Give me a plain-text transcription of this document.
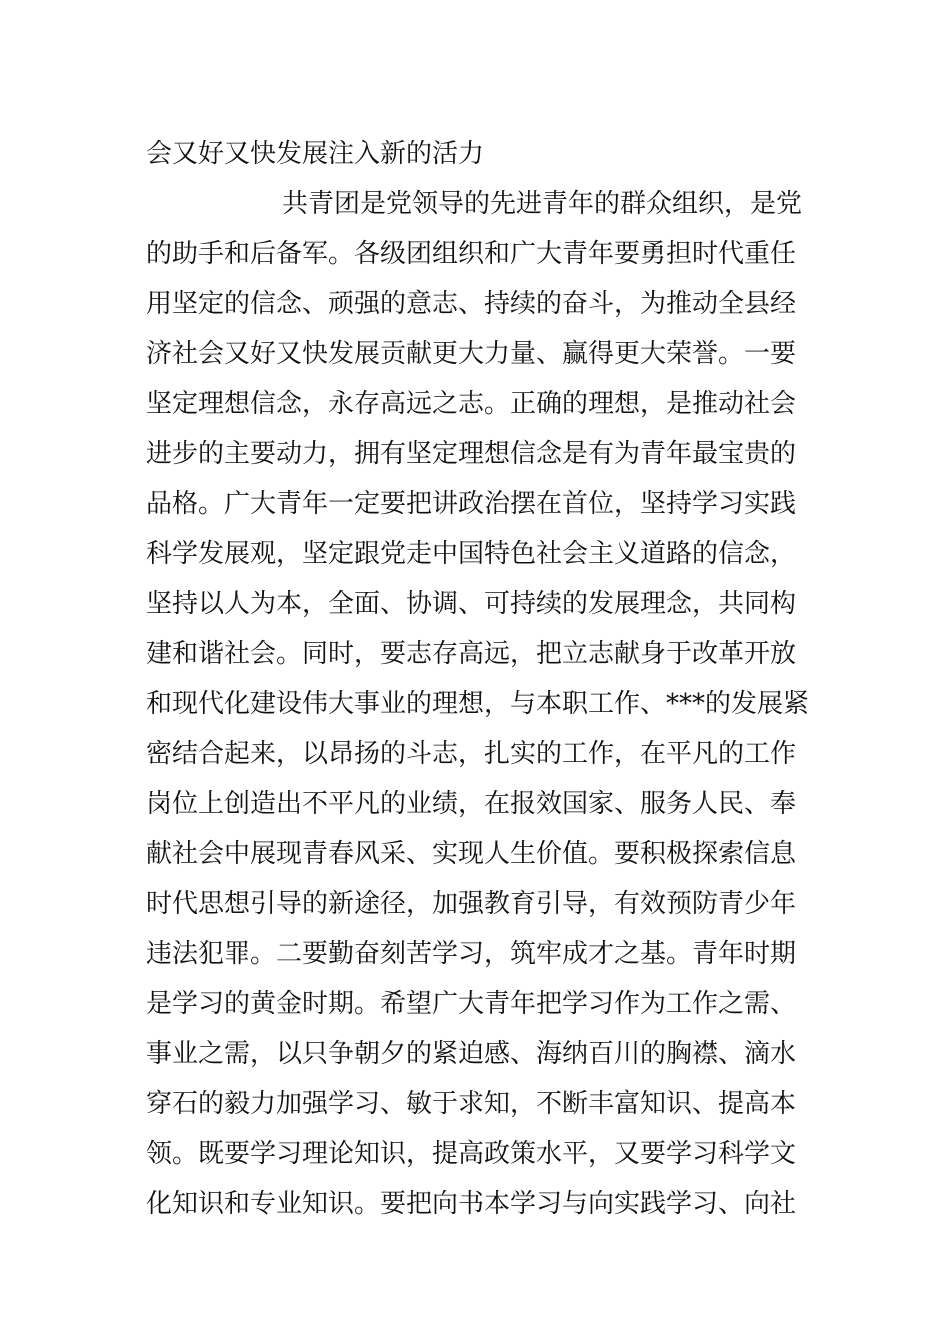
会又好又快发展注入新的活力
共青团是党领导的先进青年的群众组织，是党
的助手和后备军。各级团组织和广大青年要勇担时代重任
用坚定的信念、顽强的意志、持续的奋斗，为推动全县经
济社会又好又快发展贡献更大力量、赢得更大荣誉。一要
坚定理想信念，永存高远之志。正确的理想，是推动社会
进步的主要动力，拥有坚定理想信念是有为青年最宝贵的
品格。广大青年一定要把讲政治摆在首位，坚持学习实践
科学发展观，坚定跟党走中国特色社会主义道路的信念，
坚持以人为本，全面、协调、可持续的发展理念，共同构
建和谐社会。同时，要志存高远，把立志献身于改革开放
和现代化建设伟大事业的理想，与本职工作、***的发展紧
密结合起来，以昂扬的斗志，扎实的工作，在平凡的工作
岗位上创造出不平凡的业绩，在报效国家、服务人民、奉
献社会中展现青春风采、实现人生价值。要积极探索信息
时代思想引导的新途径，加强教育引导，有效预防青少年
违法犯罪。二要勤奋刻苦学习，筑牢成才之基。青年时期
是学习的黄金时期。希望广大青年把学习作为工作之需、
事业之需，以只争朝夕的紧迫感、海纳百川的胸襟、滴水
穿石的毅力加强学习、敏于求知，不断丰富知识、提高本
领。既要学习理论知识，提高政策水平，又要学习科学文
化知识和专业知识。要把向书本学习与向实践学习、向社
